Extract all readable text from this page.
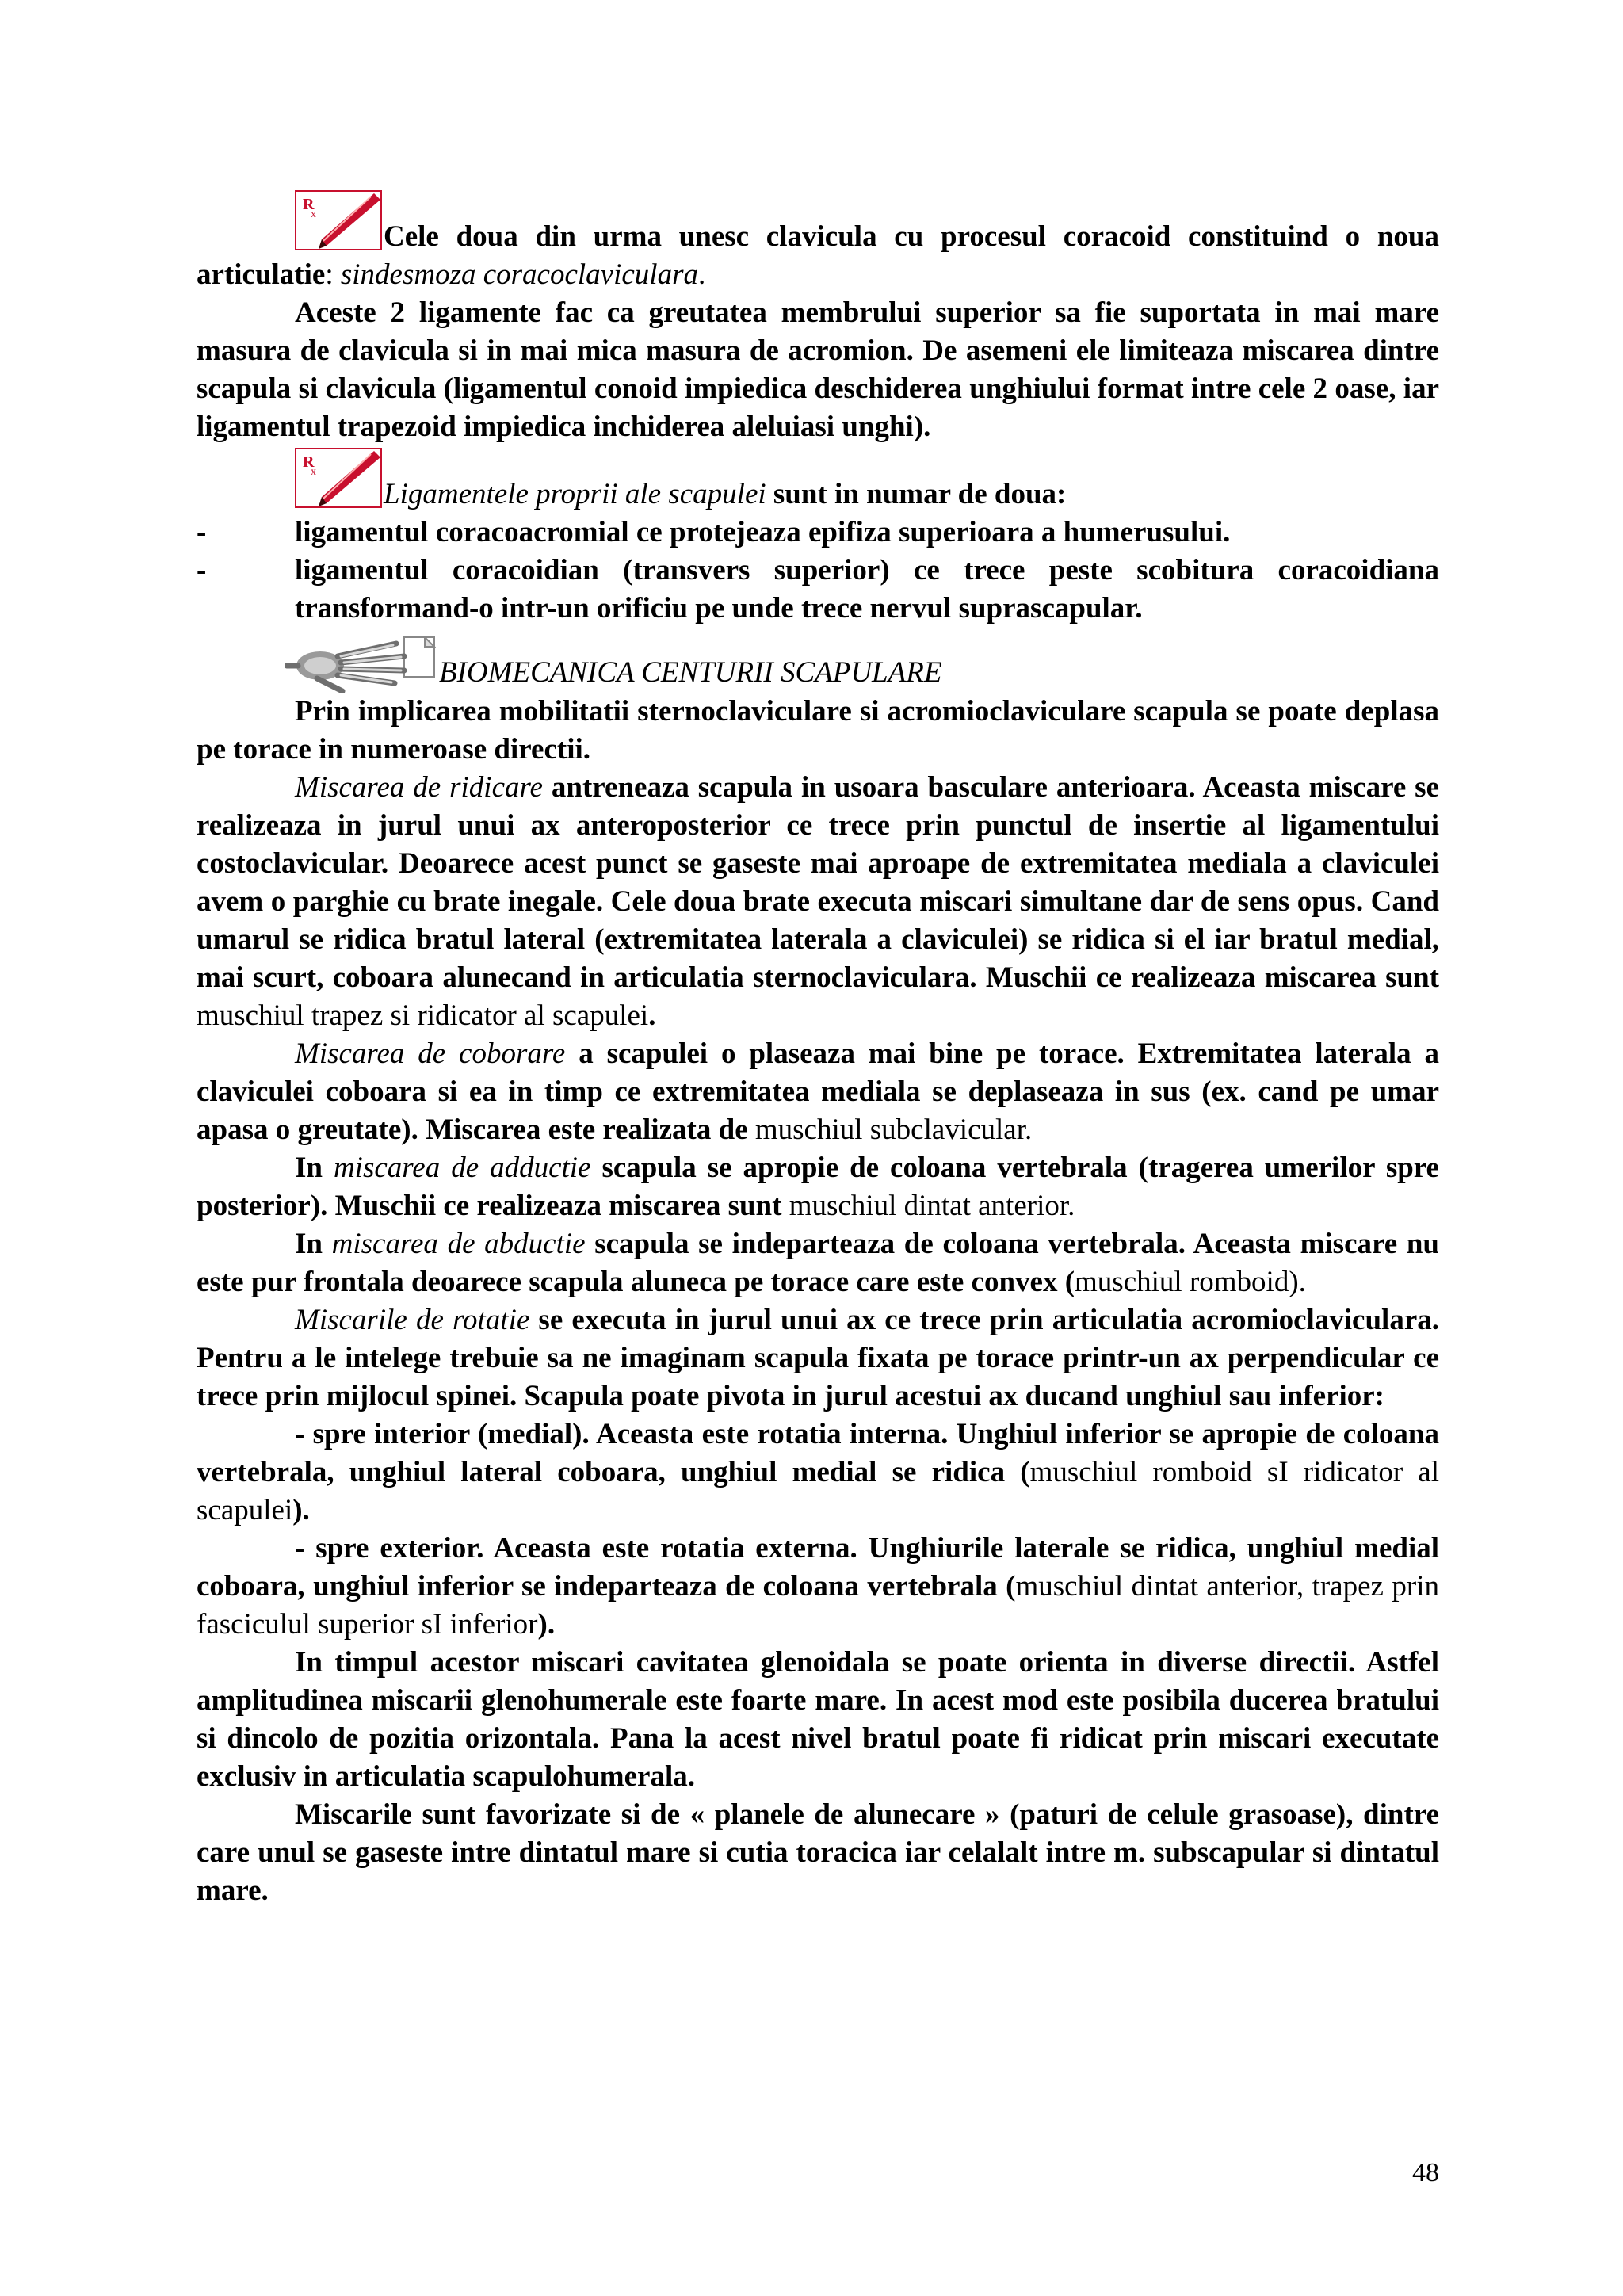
R
x
Cele doua din urma unesc clavicula cu procesul coracoid constituind o noua articulatie: sindesmoza coracoclaviculara.

Aceste 2 ligamente fac ca greutatea membrului superior sa fie suportata in mai mare masura de clavicula si in mai mica masura de acromion. De asemeni ele limiteaza miscarea dintre scapula si clavicula (ligamentul conoid impiedica deschiderea unghiului format intre cele 2 oase, iar ligamentul trapezoid impiedica inchiderea aleluiasi unghi).

R
x
Ligamentele proprii ale scapulei sunt in numar de doua:

-	ligamentul coracoacromial ce protejeaza epifiza superioara a humerusului.
-	ligamentul coracoidian (transvers superior) ce trece peste scobitura coracoidiana transformand-o intr-un orificiu pe unde trece nervul suprascapular.

BIOMECANICA CENTURII SCAPULARE

Prin implicarea mobilitatii sternoclaviculare si acromioclaviculare scapula se poate deplasa pe torace in numeroase directii.

Miscarea de ridicare antreneaza scapula in usoara basculare anterioara. Aceasta miscare se realizeaza in jurul unui ax anteroposterior ce trece prin punctul de insertie al ligamentului costoclavicular. Deoarece acest punct se gaseste mai aproape de extremitatea mediala a claviculei avem o parghie cu brate inegale. Cele doua brate executa miscari simultane dar de sens opus. Cand umarul se ridica bratul lateral (extremitatea laterala a claviculei) se ridica si el iar bratul medial, mai scurt, coboara alunecand in articulatia sternoclaviculara. Muschii ce realizeaza miscarea sunt muschiul trapez si ridicator al scapulei.

Miscarea de coborare a scapulei o plaseaza mai bine pe torace. Extremitatea laterala a claviculei coboara si ea in timp ce extremitatea mediala se deplaseaza in sus (ex. cand pe umar apasa o greutate). Miscarea este realizata de muschiul subclavicular.

In miscarea de adductie scapula se apropie de coloana vertebrala (tragerea umerilor spre posterior). Muschii ce realizeaza miscarea sunt muschiul dintat anterior.

In miscarea de abductie scapula se indeparteaza de coloana vertebrala. Aceasta miscare nu este pur frontala deoarece scapula aluneca pe torace care este convex (muschiul romboid).

Miscarile de rotatie se executa in jurul unui ax ce trece prin articulatia acromioclaviculara. Pentru a le intelege trebuie sa ne imaginam scapula fixata pe torace printr-un ax perpendicular ce trece prin mijlocul spinei. Scapula poate pivota in jurul acestui ax ducand unghiul sau inferior:

- spre interior (medial). Aceasta este rotatia interna. Unghiul inferior se apropie de coloana vertebrala, unghiul lateral coboara, unghiul medial se ridica (muschiul romboid sI ridicator al scapulei).

- spre exterior. Aceasta este rotatia externa. Unghiurile laterale se ridica, unghiul medial coboara, unghiul inferior se indeparteaza de coloana vertebrala (muschiul dintat anterior, trapez prin fasciculul superior sI inferior).

In timpul acestor miscari cavitatea glenoidala se poate orienta in diverse directii. Astfel amplitudinea miscarii glenohumerale este foarte mare. In acest mod este posibila ducerea bratului si dincolo de pozitia orizontala. Pana la acest nivel bratul poate fi ridicat prin miscari executate exclusiv in articulatia scapulohumerala.

Miscarile sunt favorizate si de « planele de alunecare » (paturi de celule grasoase), dintre care unul se gaseste intre dintatul mare si cutia toracica iar celalalt intre m. subscapular si dintatul mare.

48
